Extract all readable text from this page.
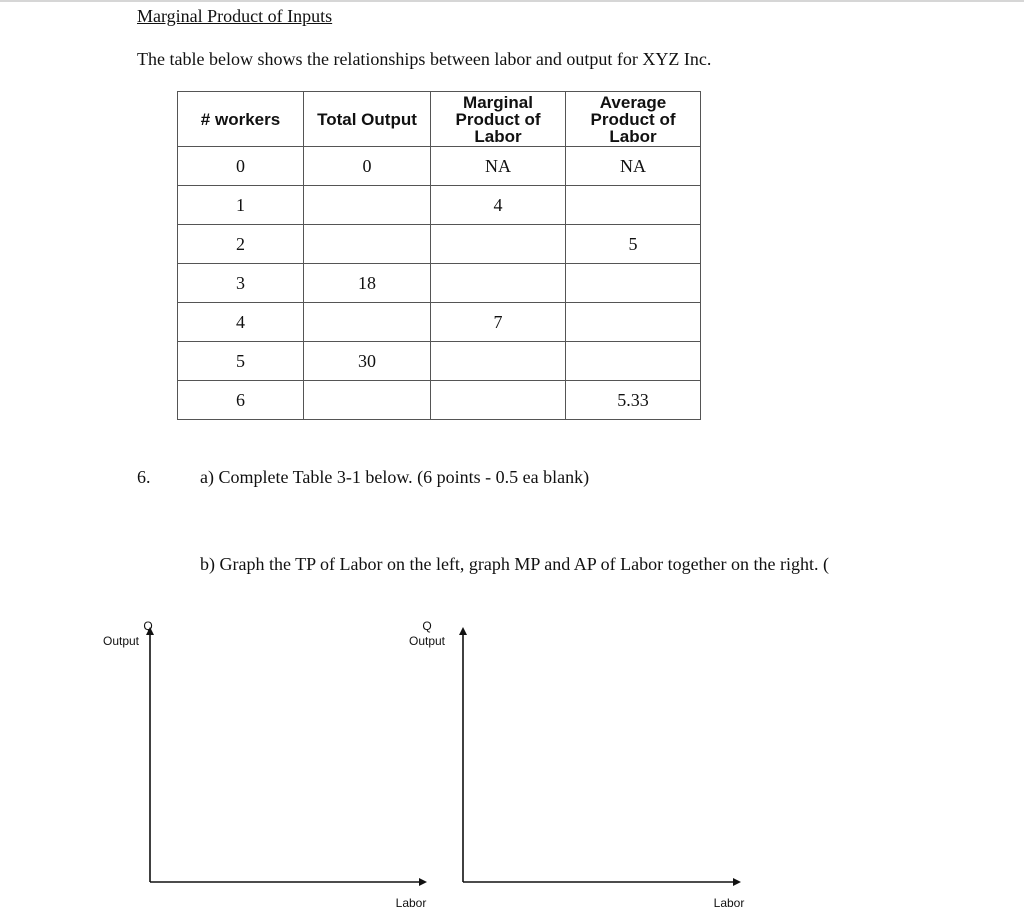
Marginal Product of Inputs
The table below shows the relationships between labor and output for XYZ Inc.
# workers	Total Output	Marginal Product of Labor	Average Product of Labor
0	0	NA	NA
1		4	
2			5
3	18		
4		7	
5	30		
6			5.33
6.	a) Complete Table 3-1 below. (6 points - 0.5 ea blank)
b) Graph the TP of Labor on the left, graph MP and AP of Labor together on the right. (
Q
Output
Labor
Q
Output
Labor
